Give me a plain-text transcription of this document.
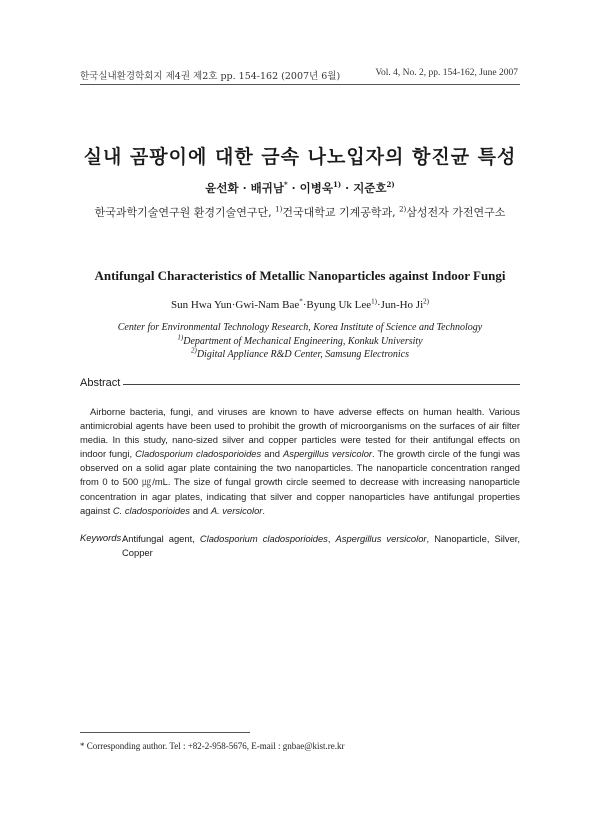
한국실내환경학회지 제4권 제2호 pp. 154-162 (2007년 6월)	Vol. 4, No. 2, pp. 154-162, June 2007
실내 곰팡이에 대한 금속 나노입자의 항진균 특성
윤선화 · 배귀남* · 이병욱$^{1)}$ · 지준호$^{2)}$
한국과학기술연구원 환경기술연구단, $^{1)}$건국대학교 기계공학과, $^{2)}$삼성전자 가전연구소
Antifungal Characteristics of Metallic Nanoparticles against Indoor Fungi
Sun Hwa Yun·Gwi-Nam Bae*·Byung Uk Lee$^{1)}$·Jun-Ho Ji$^{2)}$
Center for Environmental Technology Research, Korea Institute of Science and Technology
$^{1)}$Department of Mechanical Engineering, Konkuk University
$^{2)}$Digital Appliance R&D Center, Samsung Electronics
Abstract
Airborne bacteria, fungi, and viruses are known to have adverse effects on human health. Various antimicrobial agents have been used to prohibit the growth of microorganisms on the surfaces of air filter media. In this study, nano-sized silver and copper particles were tested for their antifungal effects on indoor fungi, Cladosporium cladosporioides and Aspergillus versicolor. The growth circle of the fungi was observed on a solid agar plate containing the two nanoparticles. The nanoparticle concentration ranged from 0 to 500 ㎍/mL. The size of fungal growth circle seemed to decrease with increasing nanoparticle concentration in agar plates, indicating that silver and copper nanoparticles have antifungal properties against C. cladosporioides and A. versicolor.
Keywords :
Antifungal agent, Cladosporium cladosporioides, Aspergillus versicolor, Nanoparticle, Silver, Copper
* Corresponding author. Tel : +82-2-958-5676, E-mail : gnbae@kist.re.kr
